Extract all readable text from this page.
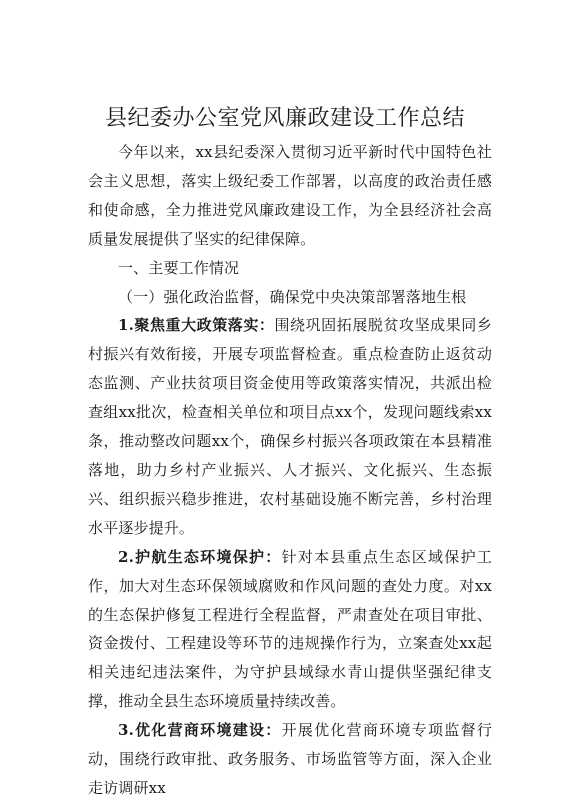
县纪委办公室党风廉政建设工作总结

今年以来，xx县纪委深入贯彻习近平新时代中国特色社会主义思想，落实上级纪委工作部署，以高度的政治责任感和使命感，全力推进党风廉政建设工作，为全县经济社会高质量发展提供了坚实的纪律保障。

一、主要工作情况

（一）强化政治监督，确保党中央决策部署落地生根

1.聚焦重大政策落实：围绕巩固拓展脱贫攻坚成果同乡村振兴有效衔接，开展专项监督检查。重点检查防止返贫动态监测、产业扶贫项目资金使用等政策落实情况，共派出检查组xx批次，检查相关单位和项目点xx个，发现问题线索xx条，推动整改问题xx个，确保乡村振兴各项政策在本县精准落地，助力乡村产业振兴、人才振兴、文化振兴、生态振兴、组织振兴稳步推进，农村基础设施不断完善，乡村治理水平逐步提升。

2.护航生态环境保护：针对本县重点生态区域保护工作，加大对生态环保领域腐败和作风问题的查处力度。对xx的生态保护修复工程进行全程监督，严肃查处在项目审批、资金拨付、工程建设等环节的违规操作行为，立案查处xx起相关违纪违法案件，为守护县域绿水青山提供坚强纪律支撑，推动全县生态环境质量持续改善。

3.优化营商环境建设：开展优化营商环境专项监督行动，围绕行政审批、政务服务、市场监管等方面，深入企业走访调研xx
